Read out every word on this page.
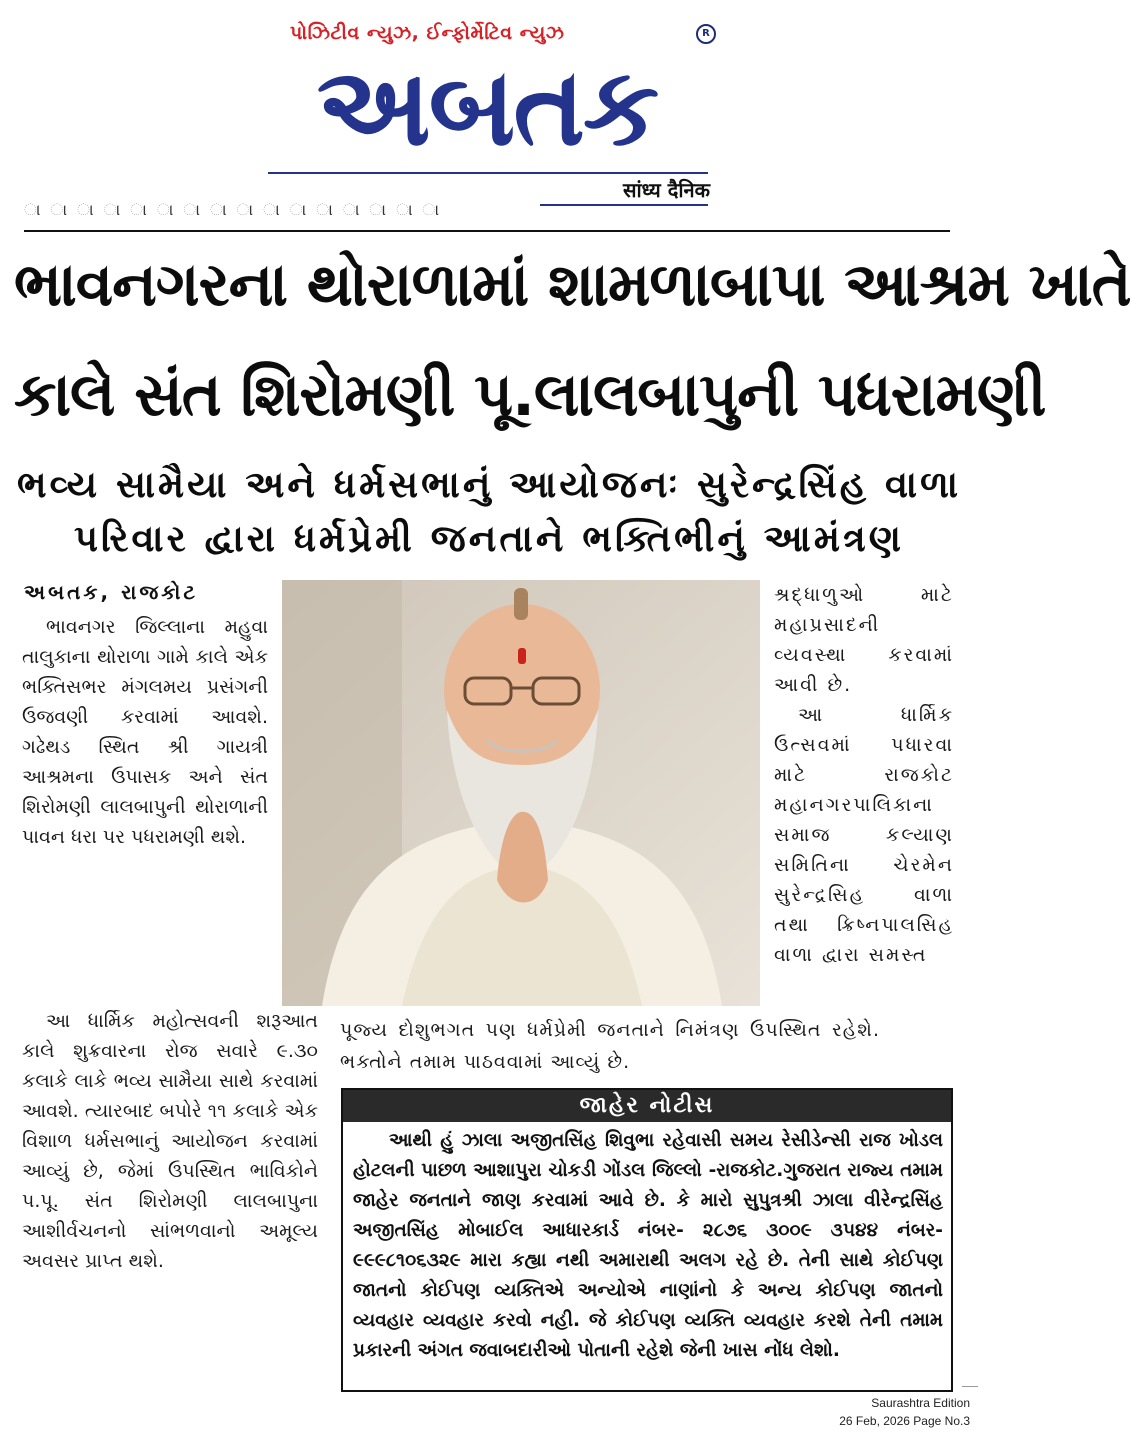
પોઝિટીવ ન્યુઝ, ઈન્ફોર્મેટિવ ન્યુઝ	R
અબતક
सांध्य दैनिक
ા ા ા ા ા ા ા ા ા ા ા ા ા ા ા ા
ભાવનગરના થોરાળામાં શામળાબાપા આશ્રમ ખાતે
કાલે સંત શિરોમણી પૂ.લાલબાપુની પધરામણી
ભવ્ય સામૈયા અને ધર્મસભાનું આયોજનઃ સુરેન્દ્રસિંહ વાળા
પરિવાર દ્વારા ધર્મપ્રેમી જનતાને ભક્તિભીનું આમંત્રણ
અબતક, રાજકોટ

ભાવનગર જિલ્લાના મહુવા તાલુકાના થોરાળા ગામે કાલે એક ભક્તિસભર મંગલમય પ્રસંગની ઉજવણી કરવામાં આવશે. ગઢેથડ સ્થિત શ્રી ગાયત્રી આશ્રમના ઉપાસક અને સંત શિરોમણી લાલબાપુની થોરાળાની પાવન ધરા પર પધરામણી થશે.

આ ધાર્મિક મહોત્સવની શરૂઆત કાલે શુક્રવારના રોજ સવારે ૯.૩૦ કલાકે લાકે ભવ્ય સામૈયા સાથે કરવામાં આવશે. ત્યારબાદ બપોરે ૧૧ કલાકે એક વિશાળ ધર્મસભાનું આયોજન કરવામાં આવ્યું છે, જેમાં ઉપસ્થિત ભાવિકોને પ.પૂ. સંત શિરોમણી લાલબાપુના આશીર્વચનનો સાંભળવાનો અમૂલ્ય અવસર પ્રાપ્ત થશે.

શ્રદ્ધાળુઓ માટે મહાપ્રસાદની વ્યવસ્થા કરવામાં આવી છે.

આ ધાર્મિક ઉત્સવમાં પધારવા માટે રાજકોટ મહાનગરપાલિકાના સમાજ કલ્યાણ સમિતિના ચેરમેન સુરેન્દ્રસિહ વાળા તથા ક્રિષ્નપાલસિહ વાળા દ્વારા સમસ્ત

પૂજ્ય દોશુભગત પણ ધર્મપ્રેમી જનતાને નિમંત્રણ ઉપસ્થિત રહેશે. ભક્તોને તમામ પાઠવવામાં આવ્યું છે.
જાહેર નોટીસ

આથી હું ઝાલા અજીતસિંહ શિવુભા રહેવાસી સમય રેસીડેન્સી રાજ ખોડલ હોટલની પાછળ આશાપુરા ચોકડી ગોંડલ જિલ્લો -રાજકોટ.ગુજરાત રાજ્ય તમામ જાહેર જનતાને જાણ કરવામાં આવે છે. કે મારો સુપુત્રશ્રી ઝાલા વીરેન્દ્રસિંહ અજીતસિંહ મોબાઈલ આધારકાર્ડ નંબર- ૨૮૭૬ ૩૦૦૯ ૩૫૪૪ નંબર- ૯૯૯૮૧૦૬૩૨૯ મારા કહ્યા નથી અમારાથી અલગ રહે છે. તેની સાથે કોઈપણ જાતનો કોઈપણ વ્યક્તિએ અન્યોએ નાણાંનો કે અન્ય કોઈપણ જાતનો વ્યવહાર વ્યવહાર કરવો નહી. જે કોઈપણ વ્યક્તિ વ્યવહાર કરશે તેની તમામ પ્રકારની અંગત જવાબદારીઓ પોતાની રહેશે જેની ખાસ નોંધ લેશો.

Saurashtra Edition
26 Feb, 2026 Page No.3
